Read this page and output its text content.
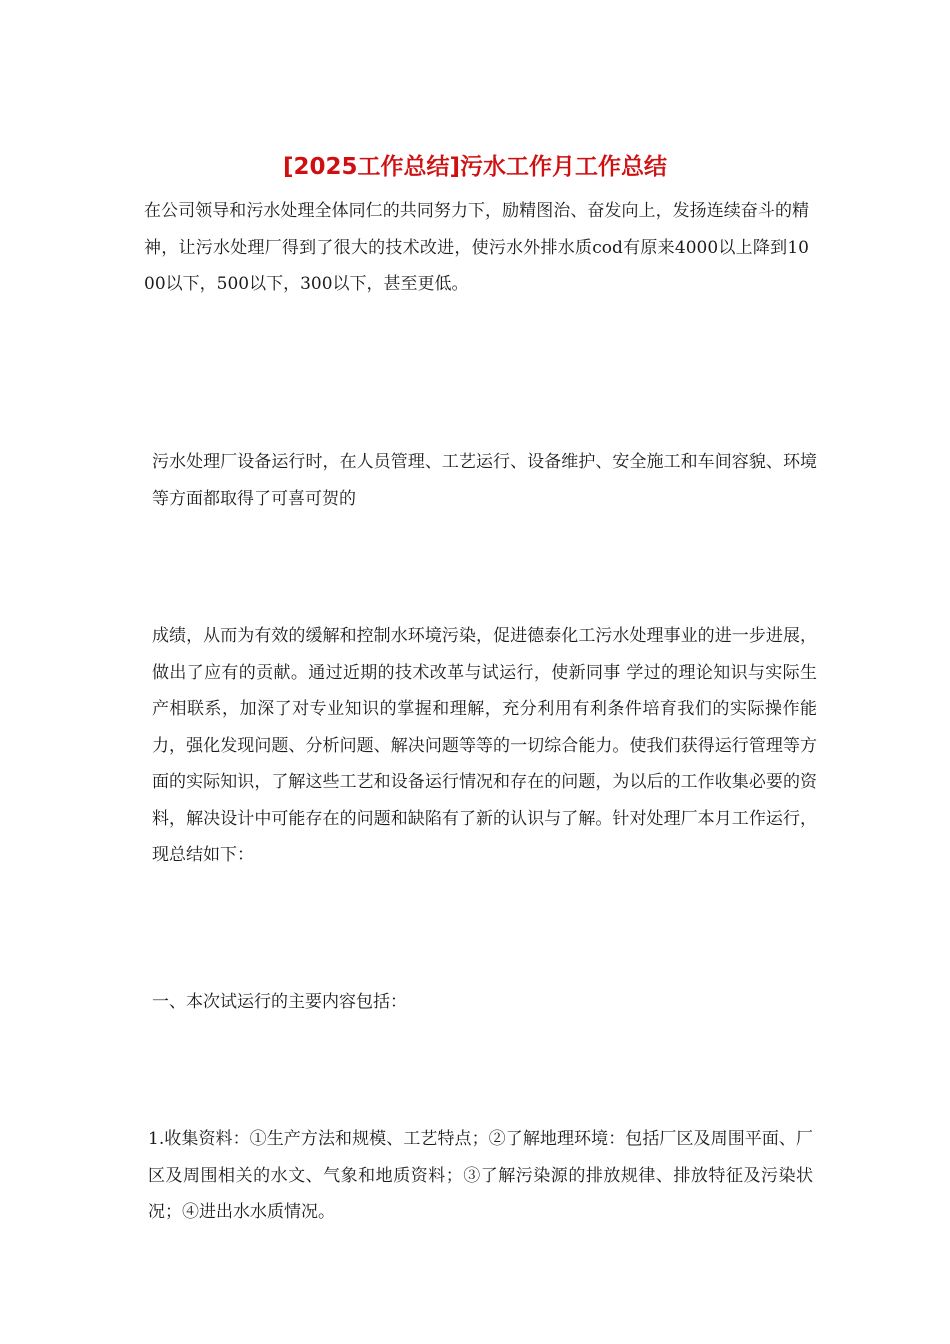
[2025工作总结]污水工作月工作总结

在公司领导和污水处理全体同仁的共同努力下，励精图治、奋发向上，发扬连续奋斗的精神，让污水处理厂得到了很大的技术改进，使污水外排水质cod有原来4000以上降到1000以下，500以下，300以下，甚至更低。

污水处理厂设备运行时，在人员管理、工艺运行、设备维护、安全施工和车间容貌、环境等方面都取得了可喜可贺的

成绩，从而为有效的缓解和控制水环境污染，促进德泰化工污水处理事业的进一步进展，做出了应有的贡献。通过近期的技术改革与试运行，使新同事 学过的理论知识与实际生产相联系，加深了对专业知识的掌握和理解，充分利用有利条件培育我们的实际操作能力，强化发现问题、分析问题、解决问题等等的一切综合能力。使我们获得运行管理等方面的实际知识，了解这些工艺和设备运行情况和存在的问题，为以后的工作收集必要的资料，解决设计中可能存在的问题和缺陷有了新的认识与了解。针对处理厂本月工作运行，现总结如下：

一、本次试运行的主要内容包括：

1.收集资料：①生产方法和规模、工艺特点；②了解地理环境：包括厂区及周围平面、厂区及周围相关的水文、气象和地质资料；③了解污染源的排放规律、排放特征及污染状况；④进出水水质情况。
